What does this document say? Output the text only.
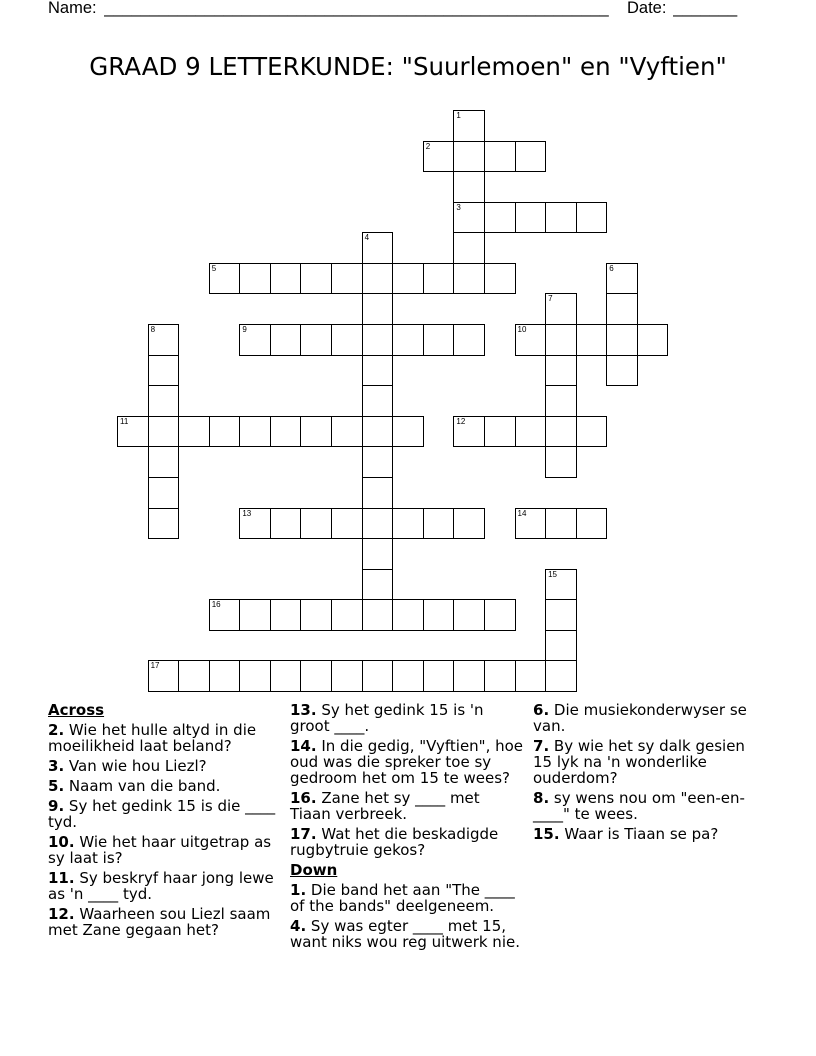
Name: _______________________________________________________ Date: _______
GRAAD 9 LETTERKUNDE: "Suurlemoen" en "Vyftien"
2
3
5
9	10
11	12
13	14
16
17
1
4
6
7
8
15
Across
2 . Wie het hulle altyd in die moeilikheid laat beland?
3 . Van wie hou Liezl?
5 . Naam van die band.
9 . Sy het gedink 15 is die ____ tyd.
10 . Wie het haar uitgetrap as sy laat is?
11 . Sy beskryf haar jong lewe as 'n ____ tyd.
12 . Waarheen sou Liezl saam met Zane gegaan het?
13 . Sy het gedink 15 is 'n groot ____.
14 . In die gedig, "Vyftien", hoe oud was die spreker toe sy gedroom het om 15 te wees?
16 . Zane het sy ____ met Tiaan verbreek.
17 . Wat het die beskadigde rugbytruie gekos?
Down
1 . Die band het aan "The ____ of the bands" deelgeneem.
4 . Sy was egter ____ met 15, want niks wou reg uitwerk nie.
6 . Die musiekonderwyser se van.
7 . By wie het sy dalk gesien 15 lyk na 'n wonderlike ouderdom?
8 . sy wens nou om "een-en-____" te wees.
15 . Waar is Tiaan se pa?
